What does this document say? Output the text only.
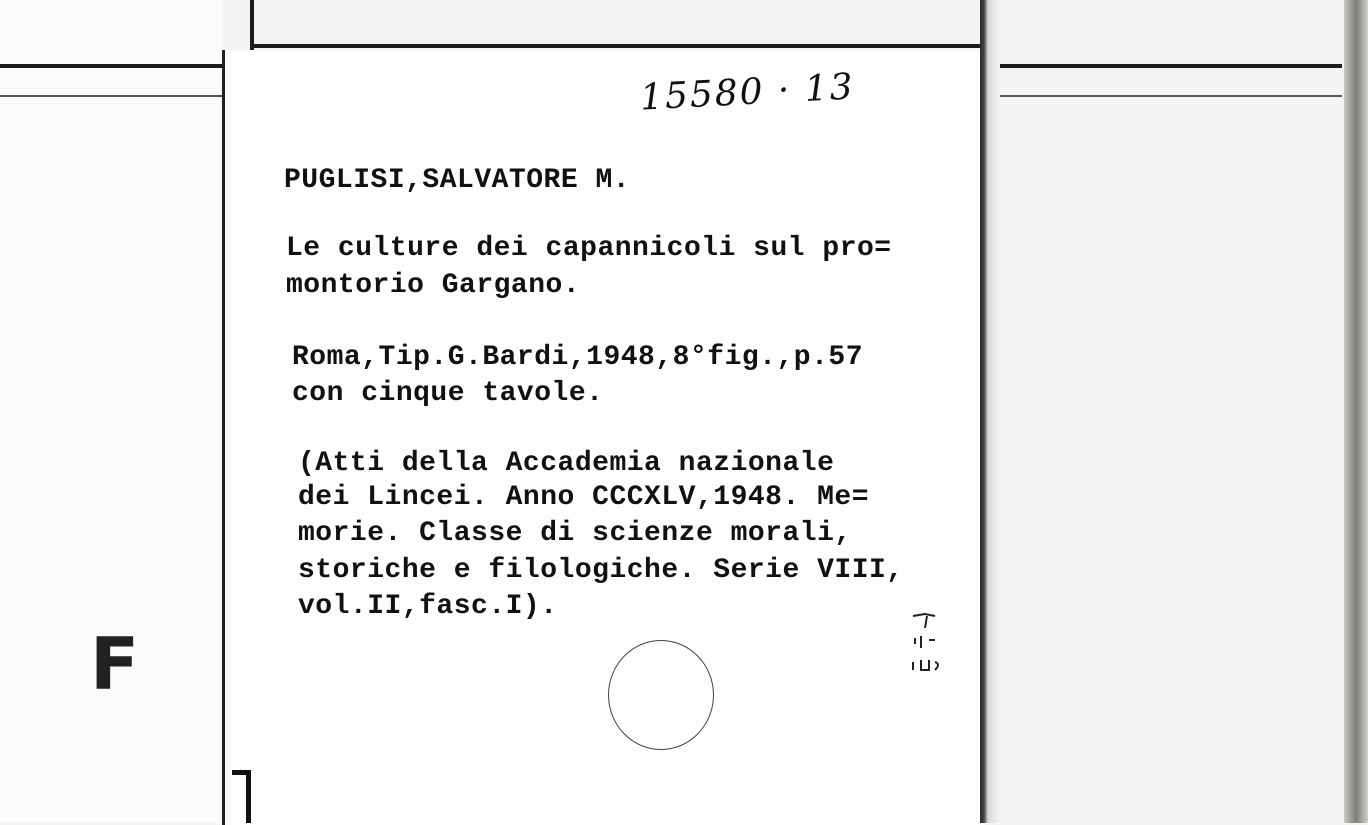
F
15580 · 13
PUGLISI,SALVATORE M.
Le culture dei capannicoli sul pro=
montorio Gargano.
Roma,Tip.G.Bardi,1948,8°fig.,p.57
con cinque tavole.
(Atti della Accademia nazionale
dei Lincei. Anno CCCXLV,1948. Me=
morie. Classe di scienze morali,
storiche e filologiche. Serie VIII,
vol.II,fasc.I).
